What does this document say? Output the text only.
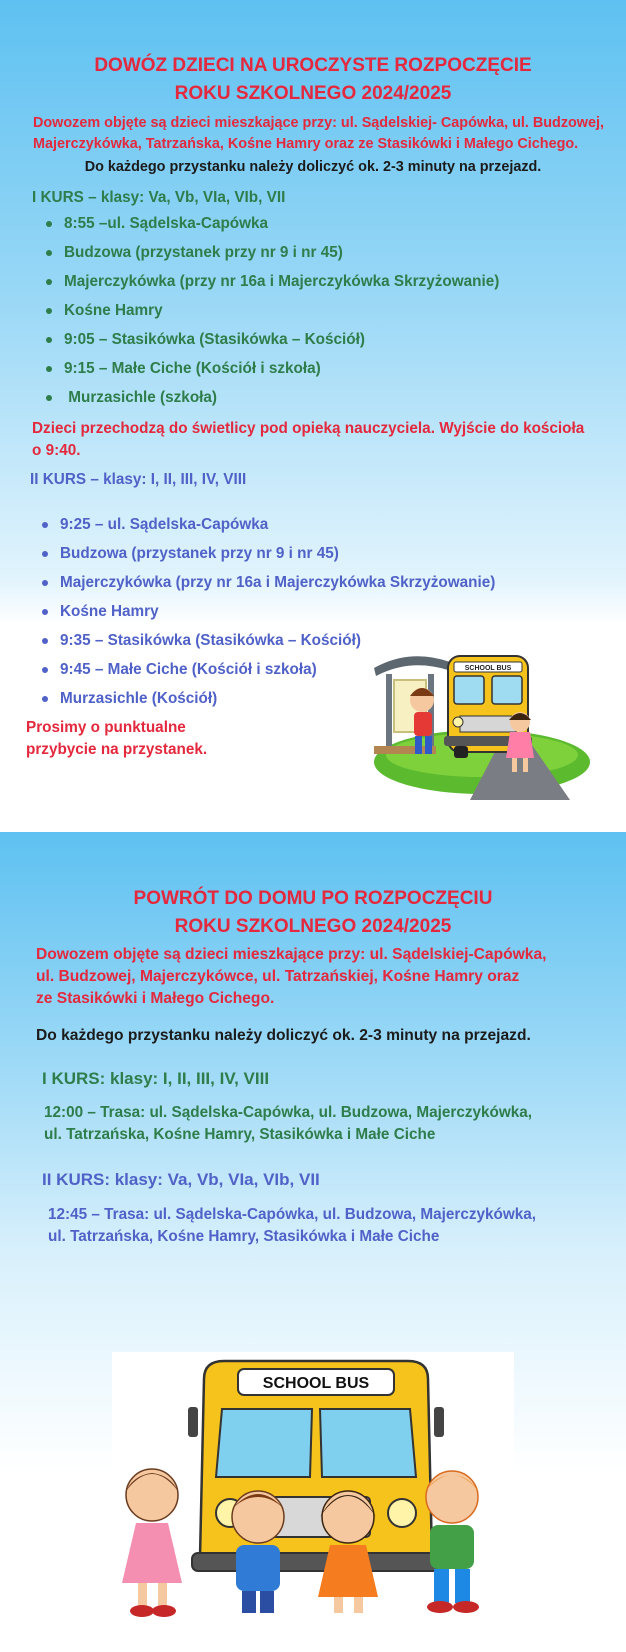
DOWÓZ DZIECI NA UROCZYSTE ROZPOCZĘCIE
ROKU SZKOLNEGO 2024/2025
Dowozem objęte są dzieci mieszkające przy: ul. Sądelskiej- Capówka, ul. Budzowej,
Majerczykówka, Tatrzańska, Kośne Hamry oraz ze Stasikówki i Małego Cichego.
Do każdego przystanku należy doliczyć ok. 2-3 minuty na przejazd.
I KURS – klasy: Va, Vb, VIa, VIb, VII
8:55 –ul. Sądelska-Capówka
Budzowa (przystanek przy nr 9 i nr 45)
Majerczykówka (przy nr 16a i Majerczykówka Skrzyżowanie)
Kośne Hamry
9:05 – Stasikówka (Stasikówka – Kościół)
9:15 – Małe Ciche (Kościół i szkoła)
Murzasichle (szkoła)
Dzieci przechodzą do świetlicy pod opieką nauczyciela. Wyjście do kościoła
o 9:40.
II KURS – klasy: I, II, III, IV, VIII
9:25 – ul. Sądelska-Capówka
Budzowa (przystanek przy nr 9 i nr 45)
Majerczykówka (przy nr 16a i Majerczykówka Skrzyżowanie)
Kośne Hamry
9:35 – Stasikówka (Stasikówka – Kościół)
9:45 – Małe Ciche (Kościół i szkoła)
Murzasichle (Kościół)
Prosimy o punktualne
przybycie na przystanek.
SCHOOL BUS
POWRÓT DO DOMU PO ROZPOCZĘCIU
ROKU SZKOLNEGO 2024/2025
Dowozem objęte są dzieci mieszkające przy: ul. Sądelskiej-Capówka,
ul. Budzowej, Majerczykówce, ul. Tatrzańskiej, Kośne Hamry oraz
ze Stasikówki i Małego Cichego.
Do każdego przystanku należy doliczyć ok. 2-3 minuty na przejazd.
I KURS: klasy: I, II, III, IV, VIII
12:00 – Trasa: ul. Sądelska-Capówka, ul. Budzowa, Majerczykówka,
ul. Tatrzańska, Kośne Hamry, Stasikówka i Małe Ciche
II KURS: klasy: Va, Vb, VIa, VIb, VII
12:45 – Trasa: ul. Sądelska-Capówka, ul. Budzowa, Majerczykówka,
ul. Tatrzańska, Kośne Hamry, Stasikówka i Małe Ciche
SCHOOL BUS
